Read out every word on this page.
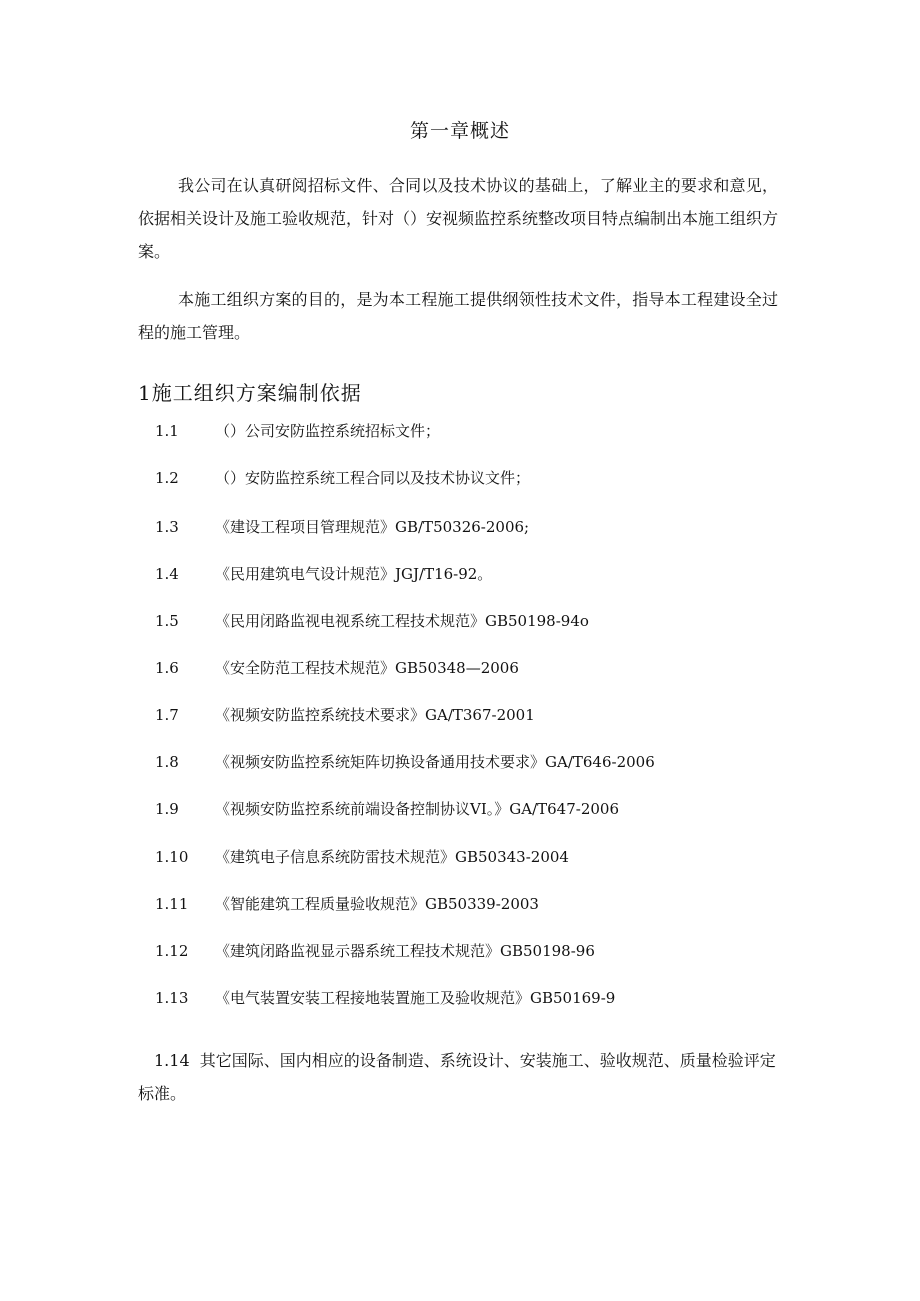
第一章概述

我公司在认真研阅招标文件、合同以及技术协议的基础上，了解业主的要求和意见，依据相关设计及施工验收规范，针对（）安视频监控系统整改项目特点编制出本施工组织方案。

本施工组织方案的目的，是为本工程施工提供纲领性技术文件，指导本工程建设全过程的施工管理。

1施工组织方案编制依据
1.1 （）公司安防监控系统招标文件；
1.2 （）安防监控系统工程合同以及技术协议文件；
1.3 《建设工程项目管理规范》GB/T50326-2006;
1.4 《民用建筑电气设计规范》JGJ/T16-92。
1.5 《民用闭路监视电视系统工程技术规范》GB50198-94o
1.6 《安全防范工程技术规范》GB50348—2006
1.7 《视频安防监控系统技术要求》GA/T367-2001
1.8 《视频安防监控系统矩阵切换设备通用技术要求》GA/T646-2006
1.9 《视频安防监控系统前端设备控制协议VI。》GA/T647-2006
1.10 《建筑电子信息系统防雷技术规范》GB50343-2004
1.11 《智能建筑工程质量验收规范》GB50339-2003
1.12 《建筑闭路监视显示器系统工程技术规范》GB50198-96
1.13 《电气装置安装工程接地装置施工及验收规范》GB50169-9

1.14 其它国际、国内相应的设备制造、系统设计、安装施工、验收规范、质量检验评定标准。
